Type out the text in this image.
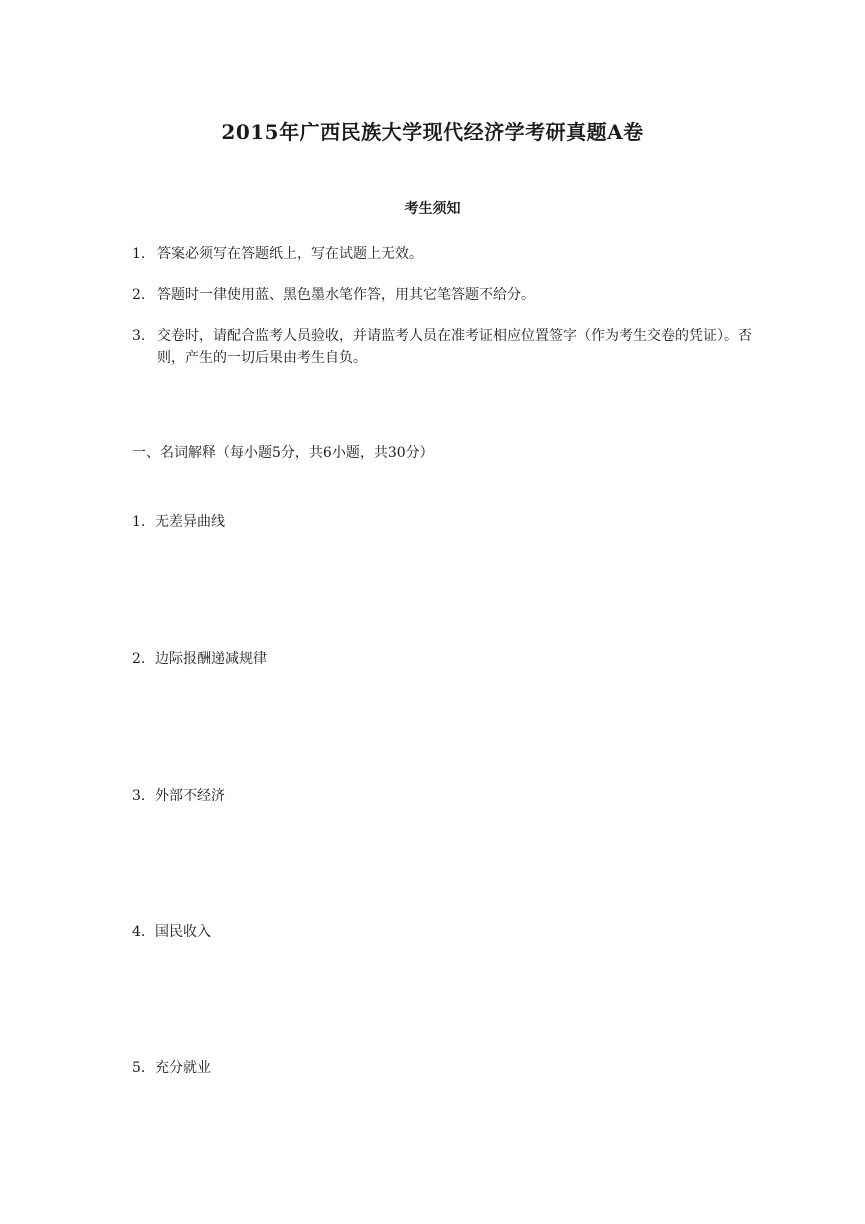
2015年广西民族大学现代经济学考研真题A卷
考生须知
1. 答案必须写在答题纸上，写在试题上无效。
2. 答题时一律使用蓝、黑色墨水笔作答，用其它笔答题不给分。
3. 交卷时，请配合监考人员验收，并请监考人员在准考证相应位置签字（作为考生交卷的凭证）。否则，产生的一切后果由考生自负。

一、名词解释（每小题5分，共6小题，共30分）

1. 无差异曲线

2. 边际报酬递减规律

3. 外部不经济

4. 国民收入

5. 充分就业
